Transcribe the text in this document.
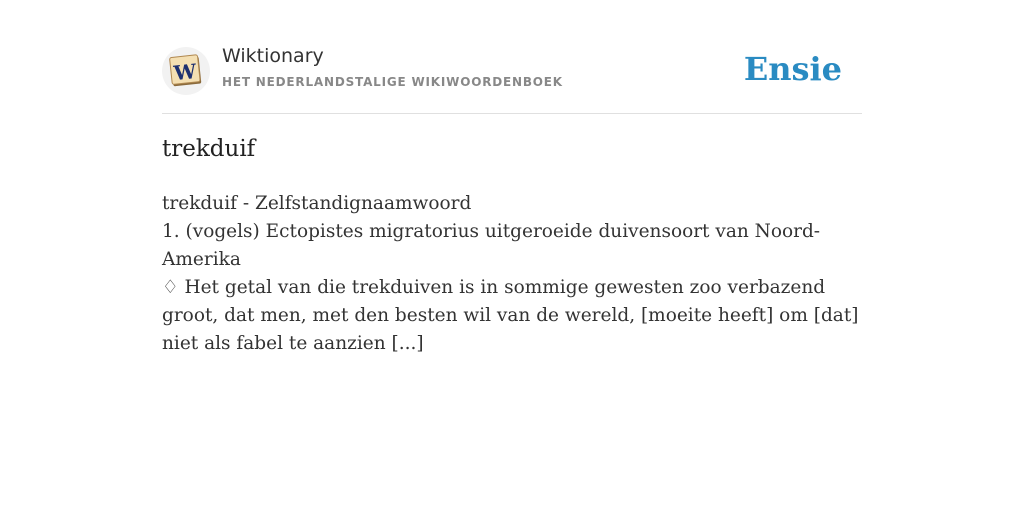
W
Wiktionary
HET NEDERLANDSTALIGE WIKIWOORDENBOEK	Ensie
trekduif
trekduif - Zelfstandignaamwoord
1. (vogels) Ectopistes migratorius uitgeroeide duivensoort van Noord-Amerika
♢ Het getal van die trekduiven is in sommige gewesten zoo verbazend groot, dat men, met den besten wil van de wereld, [moeite heeft] om [dat] niet als fabel te aanzien [...]
